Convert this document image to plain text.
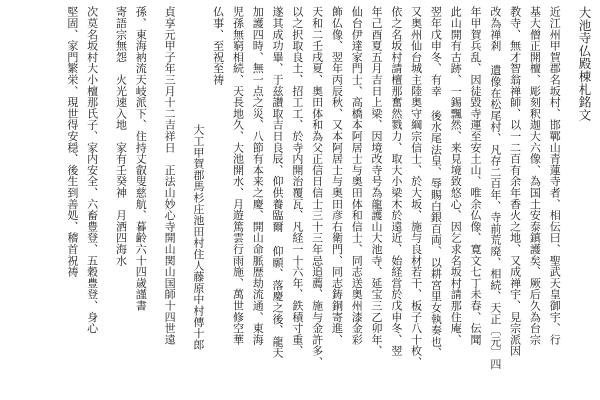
大池寺仏殿棟札銘文
近江州甲賀郡名坂村、邯鄲山青蓮寺者、相伝曰、聖武天皇御宇、行
基大僧正開檀、彫刻釈迦大六像、為国土安泰鎮護矣、厥后久為台宗
教寺、無才智翁禅師、以一二百有余年香火之地、又成禅宇、見宗派因
改為禅剎 遺像在松尾村、凡存二百年、寺前荒廃、相続、天正〔元〕四
年甲賀兵乱、因徒毀寺運至安土山、唯余仏像、寛文七丁未春、伝聞
此山開有古跡、一錫飄然、来見境致悠心、因乞求名坂村請那住庵、
翌年戊申冬、有幸 後水尾法皇、辱賜白銀百両、以耕宮里女執奏也、
又奥州仙台城主陸奥守綱宗信士、於大坂、施与良材若干、板子八十枚、
依之名坂村請檀那奮然戮力、取大小梁木於遠近、始経営於戊申冬、翌
年己酉夏五月吉日上梁、因境改寺号為龍護山大池寺、延宝三乙卯年、
仙台伊達家門士、高橋本阿居士与奥田体和信士、同志送奥州漆金彩
飾仏像、翌年丙辰秋、又本阿居士与奥田彦右衛門、同志鋳銅寄進、
天和二壬戌夏、奥田体和為父正信日信士三十三年忌追薦、施与金許多、
以之択取良土、招工工、於寺内開治覆瓦、凡経一十六年、鉄積寸重、
遂其成功畢、于兹讃取吉日良辰、仰供養臨爾 仰願、落慶之後、龍天
加護四時、無一点之災、八節有本来之慶、開山命脈歴劫流通、東海
児孫無窮相続、天長地久、大池開水、月遊篤雲行雨施、萬世修空華
仏事、至祝至祷
大工甲賀郡馬杉庄池田村住人藤原中村傳十郎
貞享元甲子年三月十二吉祥日　正法山妙心寺開山関山国師十四世遠
孫、東海衲流天岐派下、住持丈叡叟慈航、暮齢六十四歳謹書
寄語宗無怨　火光速入地　家有壬癸神　月洒四海水
次莫名坂村大小檀那氏子、家内安全、六畜豊登、五穀豊登、身心
堅固、家門繁栄、現世得安穏、後生到善処、稽首祝祷
